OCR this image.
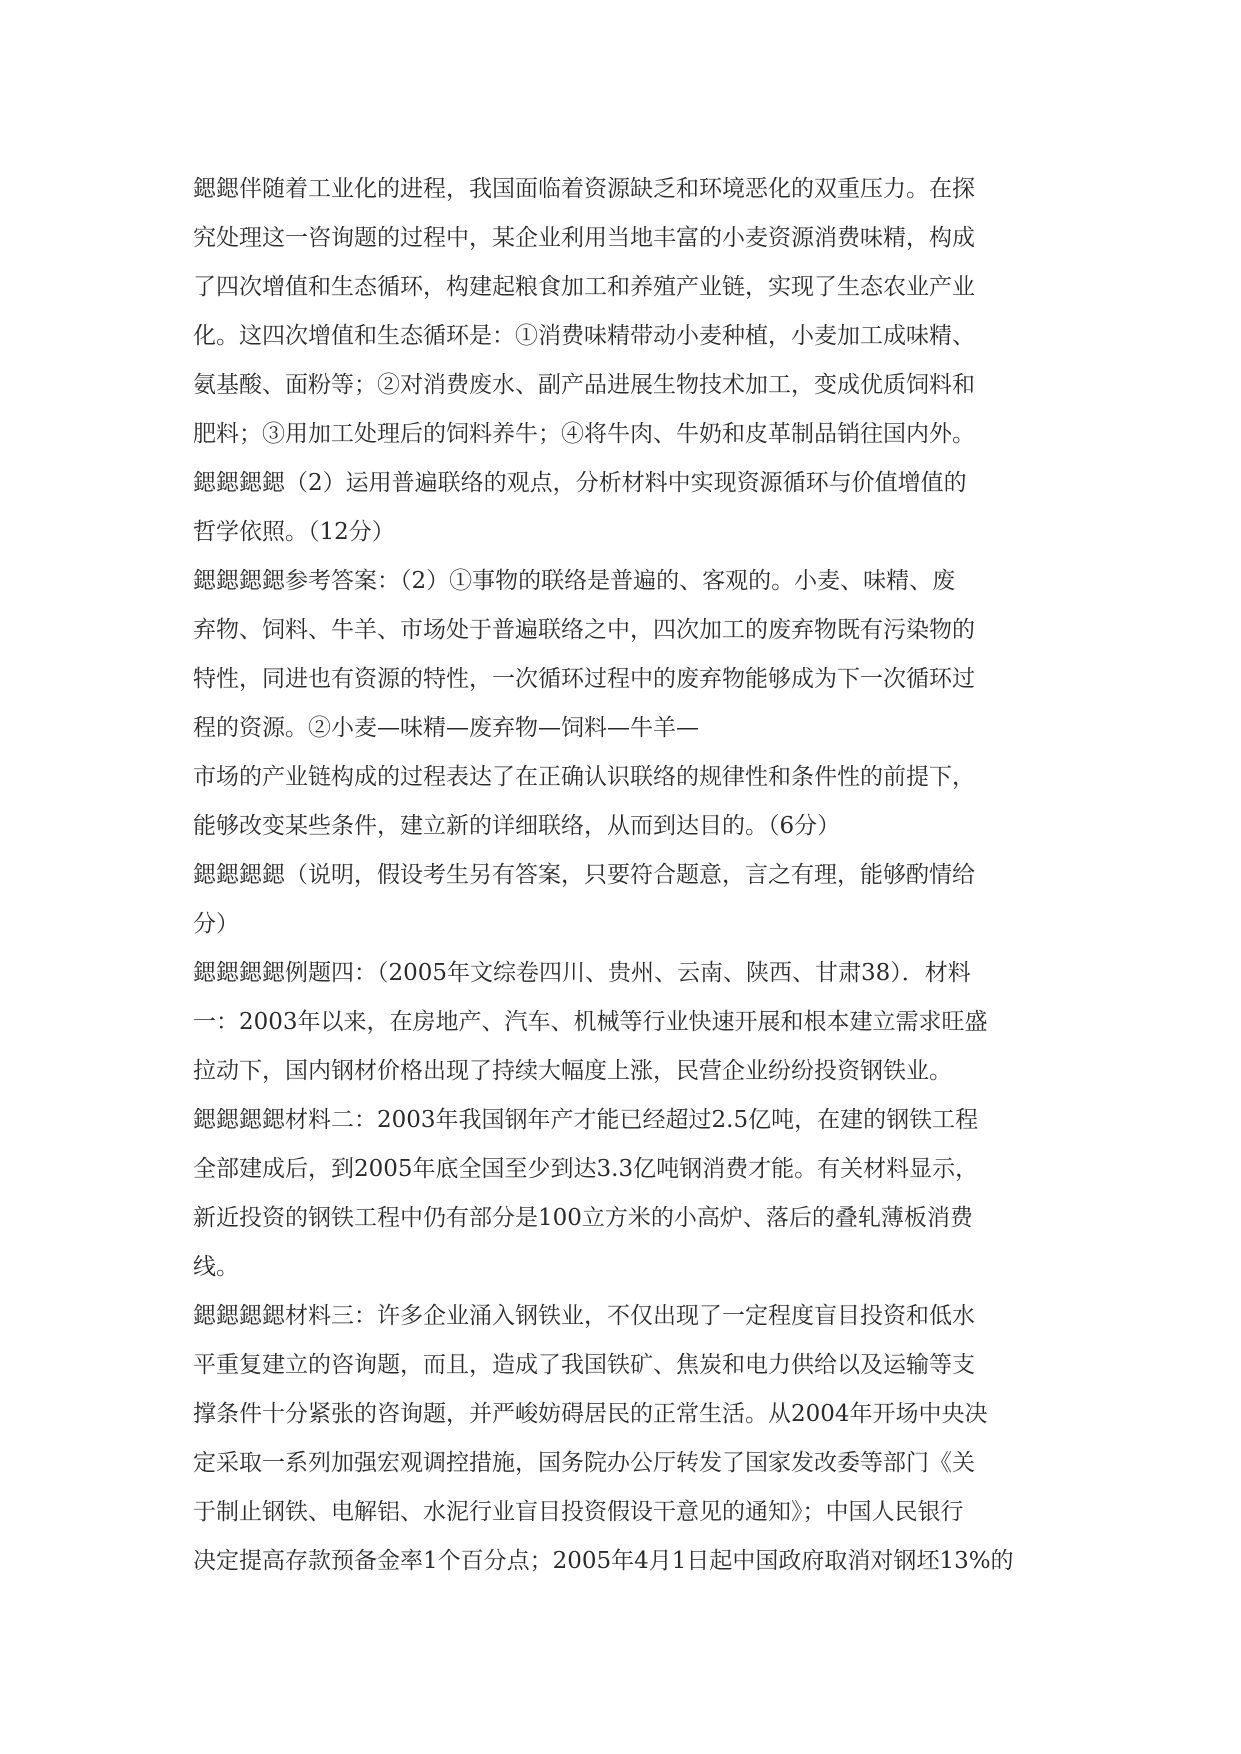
鍶鍶伴随着工业化的进程，我国面临着资源缺乏和环境恶化的双重压力。在探
究处理这一咨询题的过程中，某企业利用当地丰富的小麦资源消费味精，构成
了四次增值和生态循环，构建起粮食加工和养殖产业链，实现了生态农业产业
化。这四次增值和生态循环是：①消费味精带动小麦种植，小麦加工成味精、
氨基酸、面粉等；②对消费废水、副产品进展生物技术加工，变成优质饲料和
肥料；③用加工处理后的饲料养牛；④将牛肉、牛奶和皮革制品销往国内外。
鍶鍶鍶鍶（2）运用普遍联络的观点，分析材料中实现资源循环与价值增值的
哲学依照。（12分）
鍶鍶鍶鍶参考答案：（2）①事物的联络是普遍的、客观的。小麦、味精、废
弃物、饲料、牛羊、市场处于普遍联络之中，四次加工的废弃物既有污染物的
特性，同进也有资源的特性，一次循环过程中的废弃物能够成为下一次循环过
程的资源。②小麦—味精—废弃物—饲料—牛羊—
市场的产业链构成的过程表达了在正确认识联络的规律性和条件性的前提下，
能够改变某些条件，建立新的详细联络，从而到达目的。（6分）
鍶鍶鍶鍶（说明，假设考生另有答案，只要符合题意，言之有理，能够酌情给
分）
鍶鍶鍶鍶例题四：（2005年文综卷四川、贵州、云南、陕西、甘肃38）．材料
一：2003年以来，在房地产、汽车、机械等行业快速开展和根本建立需求旺盛
拉动下，国内钢材价格出现了持续大幅度上涨，民营企业纷纷投资钢铁业。
鍶鍶鍶鍶材料二：2003年我国钢年产才能已经超过2.5亿吨，在建的钢铁工程
全部建成后，到2005年底全国至少到达3.3亿吨钢消费才能。有关材料显示，
新近投资的钢铁工程中仍有部分是100立方米的小高炉、落后的叠轧薄板消费
线。
鍶鍶鍶鍶材料三：许多企业涌入钢铁业，不仅出现了一定程度盲目投资和低水
平重复建立的咨询题，而且，造成了我国铁矿、焦炭和电力供给以及运输等支
撑条件十分紧张的咨询题，并严峻妨碍居民的正常生活。从2004年开场中央决
定采取一系列加强宏观调控措施，国务院办公厅转发了国家发改委等部门《关
于制止钢铁、电解铝、水泥行业盲目投资假设干意见的通知》；中国人民银行
决定提高存款预备金率1个百分点；2005年4月1日起中国政府取消对钢坯13%的
